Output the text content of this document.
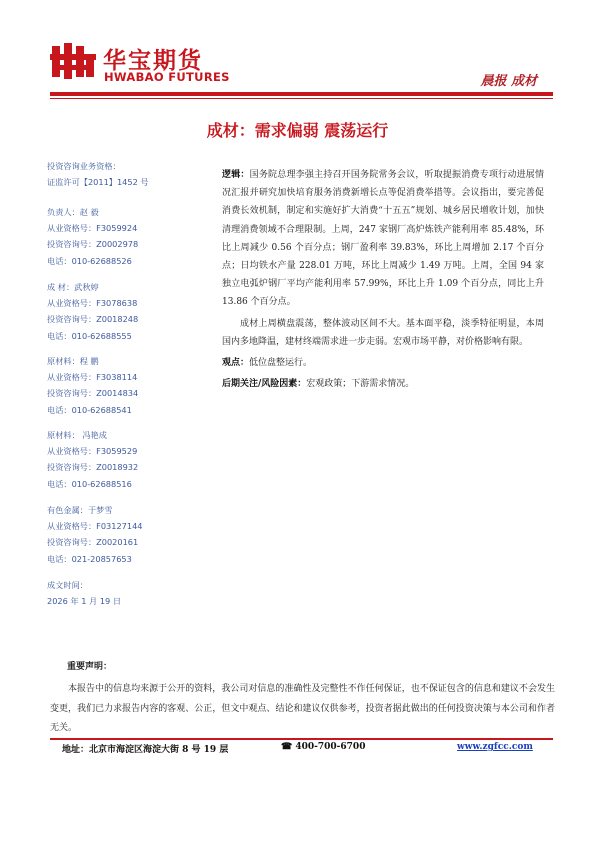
华宝期货
HWABAO FUTURES	晨报 成材
成材：需求偏弱 震荡运行
投资咨询业务资格：
证监许可【2011】1452 号
负责人：赵 毅
从业资格号：F3059924
投资咨询号：Z0002978
电话：010-62688526
成 材：武秋婷
从业资格号：F3078638
投资咨询号：Z0018248
电话：010-62688555
原材料：程 鹏
从业资格号：F3038114
投资咨询号：Z0014834
电话：010-62688541
原材料： 冯艳成
从业资格号：F3059529
投资咨询号：Z0018932
电话：010-62688516
有色金属：于梦雪
从业资格号：F03127144
投资咨询号：Z0020161
电话：021-20857653
成文时间：
2026 年 1 月 19 日

逻辑：国务院总理李强主持召开国务院常务会议，听取提振消费专项行动进展情况汇报并研究加快培育服务消费新增长点等促消费举措等。会议指出，要完善促消费长效机制，制定和实施好扩大消费“十五五”规划、城乡居民增收计划，加快清理消费领域不合理限制。上周，247 家钢厂高炉炼铁产能利用率 85.48%，环比上周减少 0.56 个百分点；钢厂盈利率 39.83%，环比上周增加 2.17 个百分点；日均铁水产量 228.01 万吨，环比上周减少 1.49 万吨。上周，全国 94 家独立电弧炉钢厂平均产能利用率 57.99%，环比上升 1.09 个百分点，同比上升 13.86 个百分点。

成材上周横盘震荡，整体波动区间不大。基本面平稳，淡季特征明显，本周国内多地降温，建材终端需求进一步走弱。宏观市场平静，对价格影响有限。

观点：低位盘整运行。

后期关注/风险因素：宏观政策；下游需求情况。

重要声明：
本报告中的信息均来源于公开的资料，我公司对信息的准确性及完整性不作任何保证，也不保证包含的信息和建议不会发生变更，我们已力求报告内容的客观、公正，但文中观点、结论和建议仅供参考，投资者据此做出的任何投资决策与本公司和作者无关。
地址：北京市海淀区海淀大街 8 号 19 层	☎ 400-700-6700	www.zgfcc.com
